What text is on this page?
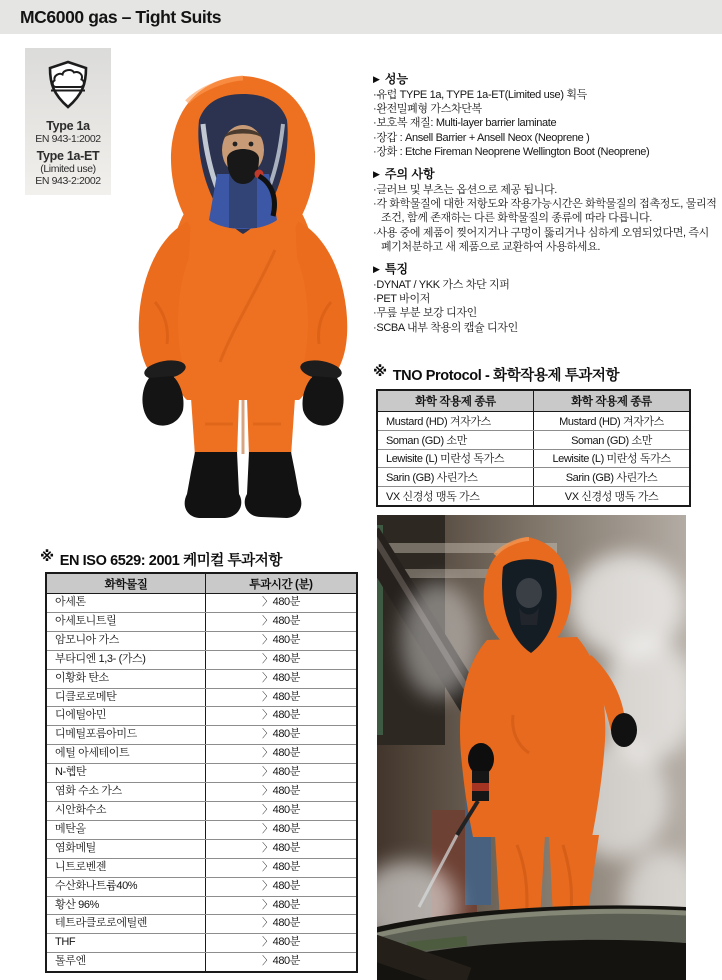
MC6000 gas – Tight Suits
Type 1a
EN 943-1:2002
Type 1a-ET
(Limited use)
EN 943-2:2002
▶ 성능
· 유럽 TYPE 1a, TYPE 1a-ET(Limited use) 획득
· 완전밀폐형 가스차단복
· 보호복 재질: Multi-layer barrier laminate
· 장갑 : Ansell Barrier + Ansell Neox (Neoprene )
· 장화 : Etche Fireman Neoprene Wellington Boot (Neoprene)
▶ 주의 사항
· 글러브 및 부츠는 옵션으로 제공 됩니다.
· 각 화학물질에 대한 저항도와 작용가능시간은 화학물질의 접촉정도, 물리적 조건, 함께 존재하는 다른 화학물질의 종류에 따라 다릅니다.
· 사용 중에 제품이 찢어지거나 구멍이 뚫리거나 심하게 오염되었다면, 즉시 폐기처분하고 새 제품으로 교환하여 사용하세요.
▶ 특징
· DYNAT / YKK 가스 차단 지퍼
· PET 바이저
· 무릎 부분 보강 디자인
· SCBA 내부 착용의 캡슐 디자인
※ TNO Protocol - 화학작용제 투과저항
화학 작용제 종류	화학 작용제 종류
Mustard (HD) 겨자가스	Mustard (HD) 겨자가스
Soman (GD) 소만	Soman (GD) 소만
Lewisite (L) 미란성 독가스	Lewisite (L) 미란성 독가스
Sarin (GB) 사린가스	Sarin (GB) 사린가스
VX 신경성 맹독 가스	VX 신경성 맹독 가스
※ EN ISO 6529: 2001 케미컬 투과저항
화학물질	투과시간 (분)
아세톤	〉480분
아세토니트릴	〉480분
암모니아 가스	〉480분
부타디엔 1,3- (가스)	〉480분
이황화 탄소	〉480분
디클로로메탄	〉480분
디에틸아민	〉480분
디메틸포름아미드	〉480분
에틸 아세테이트	〉480분
N-헵탄	〉480분
염화 수소 가스	〉480분
시안화수소	〉480분
메탄올	〉480분
염화메틸	〉480분
니트로벤젠	〉480분
수산화나트륨40%	〉480분
황산 96%	〉480분
테트라클로로에틸렌	〉480분
THF	〉480분
톨루엔	〉480분
